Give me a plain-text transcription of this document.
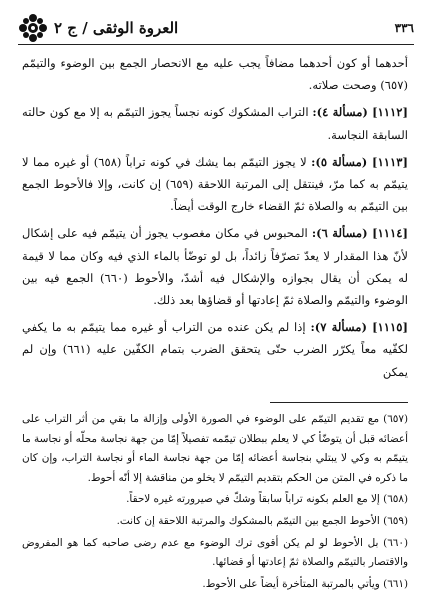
العروة الوثقى / ج ٢	٣٣٦

أحدهما أو كون أحدهما مضافاً يجب عليه مع الانحصار الجمع بين الوضوء والتيمّم (٦٥٧) وصحت صلاته.

[١١١٢] (مسألة ٤): التراب المشكوك كونه نجساً يجوز التيمّم به إلا مع كون حالته السابقة النجاسة.

[١١١٣] (مسألة ٥): لا يجوز التيمّم بما يشك في كونه تراباً (٦٥٨) أو غيره مما لا يتيمّم به كما مرّ، فينتقل إلى المرتبة اللاحقة (٦٥٩) إن كانت، وإلا فالأحوط الجمع بين التيمّم به والصلاة ثمّ القضاء خارج الوقت أيضاً.

[١١١٤] (مسألة ٦): المحبوس في مكان مغصوب يجوز أن يتيمّم فيه على إشكال لأنّ هذا المقدار لا يعدّ تصرّفاً زائداً، بل لو توضّأ بالماء الذي فيه وكان مما لا قيمة له يمكن أن يقال بجوازه والإشكال فيه أشدّ، والأحوط (٦٦٠) الجمع فيه بين الوضوء والتيمّم والصلاة ثمّ إعادتها أو قضاؤها بعد ذلك.

[١١١٥] (مسألة ٧): إذا لم يكن عنده من التراب أو غيره مما يتيمّم به ما يكفي لكفّيه معاً يكرّر الضرب حتّى يتحقق الضرب بتمام الكفّين عليه (٦٦١) وإن لم يمكن

(٦٥٧) مع تقديم التيمّم على الوضوء في الصورة الأولى وإزالة ما بقي من أثر التراب على أعضائه قبل أن يتوضّأ كي لا يعلم ببطلان تيمّمه تفصيلاً إمّا من جهة نجاسة محلّه أو نجاسة ما يتيمّم به وكي لا يبتلي بنجاسة أعضائه إمّا من جهة نجاسة الماء أو نجاسة التراب، وإن كان ما ذكره في المتن من الحكم بتقديم التيمّم لا يخلو من مناقشة إلا أنّه أحوط.

(٦٥٨) إلا مع العلم بكونه تراباً سابقاً وشكّ في صيرورته غيره لاحقاً.

(٦٥٩) الأحوط الجمع بين التيمّم بالمشكوك والمرتبة اللاحقة إن كانت.

(٦٦٠) بل الأحوط لو لم يكن أقوى ترك الوضوء مع عدم رضى صاحبه كما هو المفروض والاقتصار بالتيمّم والصلاة ثمّ إعادتها أو قضائها.

(٦٦١) ويأتي بالمرتبة المتأخرة أيضاً على الأحوط.
